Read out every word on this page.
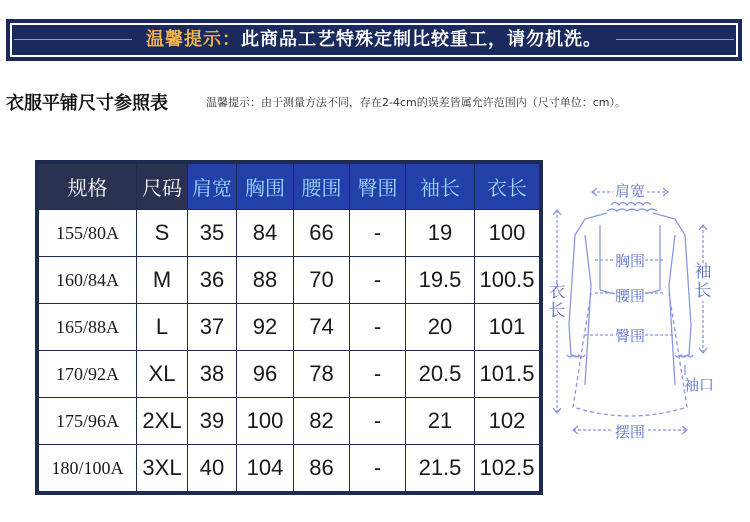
温馨提示：此商品工艺特殊定制比较重工，请勿机洗。
衣服平铺尺寸参照表	温馨提示：由于测量方法不同，存在2-4cm的误差皆属允许范围内（尺寸单位：cm）。
规格	尺码	肩宽	胸围	腰围	臀围	袖长	衣长
155/80A	S	35	84	66	-	19	100
160/84A	M	36	88	70	-	19.5	100.5
165/88A	L	37	92	74	-	20	101
170/92A	XL	38	96	78	-	20.5	101.5
175/96A	2XL	39	100	82	-	21	102
180/100A	3XL	40	104	86	-	21.5	102.5
肩宽
胸围
腰围
臀围
衣长
袖长
袖口
摆围
